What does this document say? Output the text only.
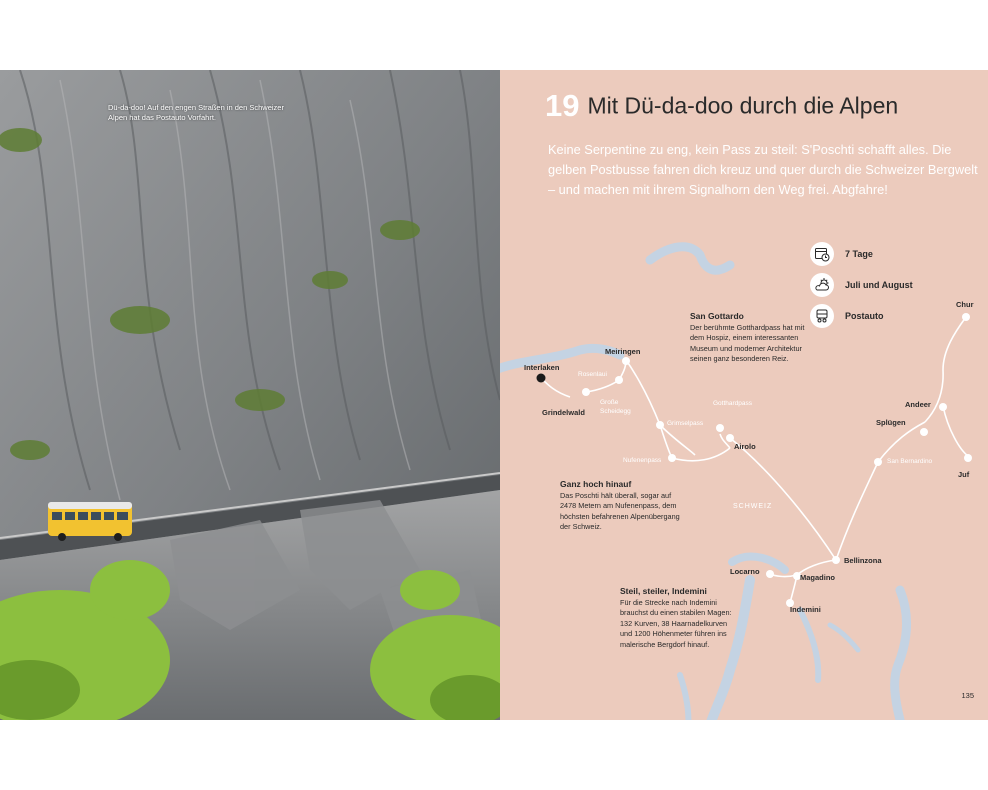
Dü-da-doo! Auf den engen Straßen in den Schweizer Alpen hat das Postauto Vorfahrt.	19 Mit Dü-da-doo durch die Alpen
Keine Serpentine zu eng, kein Pass zu steil: S'Poschti schafft alles. Die gelben Postbusse fahren dich kreuz und quer durch die Schweizer Bergwelt – und machen mit ihrem Signalhorn den Weg frei. Abgfahre!
7 Tage
Juli und August
Postauto
Interlaken
Grindelwald
Meiringen
Rosenlaui
Große Scheidegg
Grimselpass
Nufenenpass
Gotthardpass
Airolo
Bellinzona
Locarno
Magadino
Indemini
San Bernardino
Splügen
Andeer
Juf
Chur
SCHWEIZ
San Gottardo
Der berühmte Gotthardpass hat mit dem Hospiz, einem interessanten Museum und moderner Architektur seinen ganz besonderen Reiz.
Ganz hoch hinauf
Das Poschti hält überall, sogar auf 2478 Metern am Nufenenpass, dem höchsten befahrenen Alpenübergang der Schweiz.
Steil, steiler, Indemini
Für die Strecke nach Indemini brauchst du einen stabilen Magen: 132 Kurven, 38 Haarnadelkurven und 1200 Höhenmeter führen ins malerische Bergdorf hinauf.
135
